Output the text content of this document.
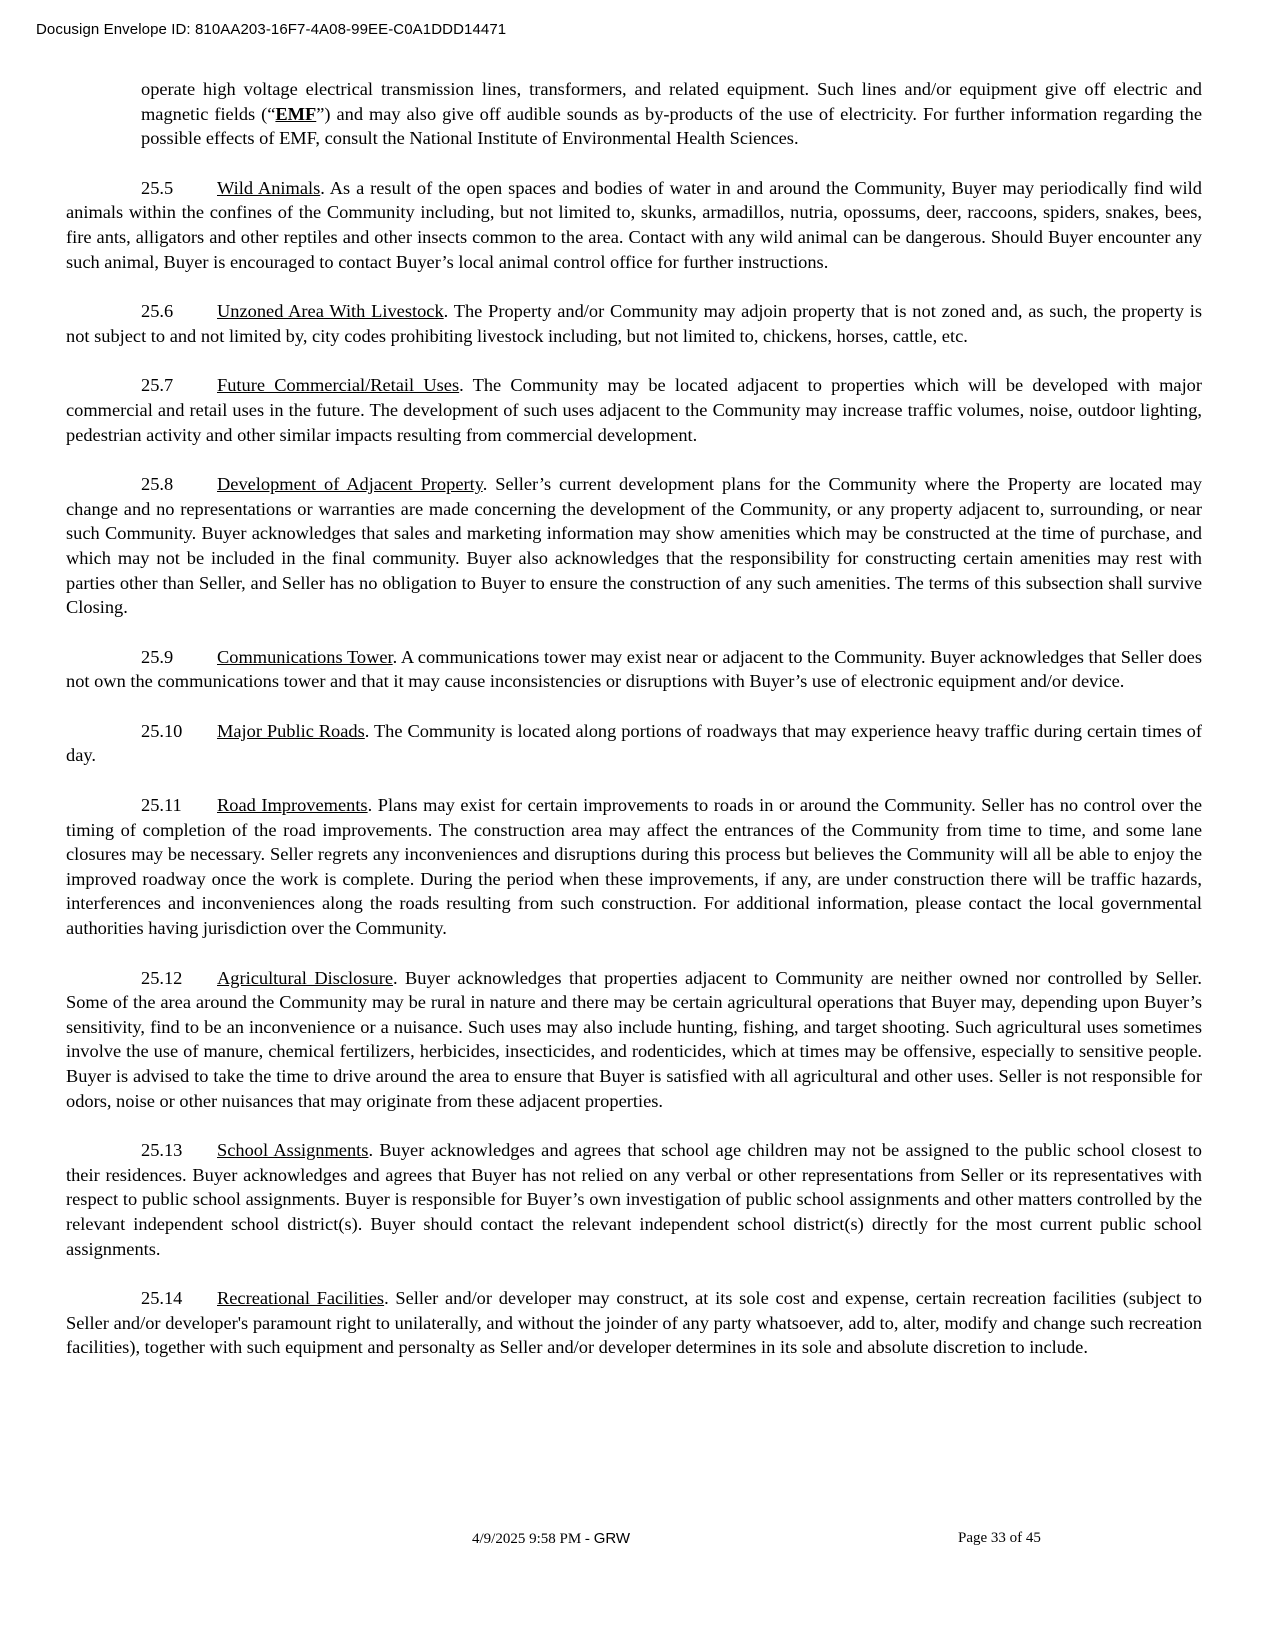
Docusign Envelope ID: 810AA203-16F7-4A08-99EE-C0A1DDD14471

operate high voltage electrical transmission lines, transformers, and related equipment. Such lines and/or equipment give off electric and magnetic fields (“EMF”) and may also give off audible sounds as by-products of the use of electricity. For further information regarding the possible effects of EMF, consult the National Institute of Environmental Health Sciences.

25.5 Wild Animals. As a result of the open spaces and bodies of water in and around the Community, Buyer may periodically find wild animals within the confines of the Community including, but not limited to, skunks, armadillos, nutria, opossums, deer, raccoons, spiders, snakes, bees, fire ants, alligators and other reptiles and other insects common to the area. Contact with any wild animal can be dangerous. Should Buyer encounter any such animal, Buyer is encouraged to contact Buyer’s local animal control office for further instructions.

25.6 Unzoned Area With Livestock. The Property and/or Community may adjoin property that is not zoned and, as such, the property is not subject to and not limited by, city codes prohibiting livestock including, but not limited to, chickens, horses, cattle, etc.

25.7 Future Commercial/Retail Uses. The Community may be located adjacent to properties which will be developed with major commercial and retail uses in the future. The development of such uses adjacent to the Community may increase traffic volumes, noise, outdoor lighting, pedestrian activity and other similar impacts resulting from commercial development.

25.8 Development of Adjacent Property. Seller’s current development plans for the Community where the Property are located may change and no representations or warranties are made concerning the development of the Community, or any property adjacent to, surrounding, or near such Community. Buyer acknowledges that sales and marketing information may show amenities which may be constructed at the time of purchase, and which may not be included in the final community. Buyer also acknowledges that the responsibility for constructing certain amenities may rest with parties other than Seller, and Seller has no obligation to Buyer to ensure the construction of any such amenities. The terms of this subsection shall survive Closing.

25.9 Communications Tower. A communications tower may exist near or adjacent to the Community. Buyer acknowledges that Seller does not own the communications tower and that it may cause inconsistencies or disruptions with Buyer’s use of electronic equipment and/or device.

25.10 Major Public Roads. The Community is located along portions of roadways that may experience heavy traffic during certain times of day.

25.11 Road Improvements. Plans may exist for certain improvements to roads in or around the Community. Seller has no control over the timing of completion of the road improvements. The construction area may affect the entrances of the Community from time to time, and some lane closures may be necessary. Seller regrets any inconveniences and disruptions during this process but believes the Community will all be able to enjoy the improved roadway once the work is complete. During the period when these improvements, if any, are under construction there will be traffic hazards, interferences and inconveniences along the roads resulting from such construction. For additional information, please contact the local governmental authorities having jurisdiction over the Community.

25.12 Agricultural Disclosure. Buyer acknowledges that properties adjacent to Community are neither owned nor controlled by Seller. Some of the area around the Community may be rural in nature and there may be certain agricultural operations that Buyer may, depending upon Buyer’s sensitivity, find to be an inconvenience or a nuisance. Such uses may also include hunting, fishing, and target shooting. Such agricultural uses sometimes involve the use of manure, chemical fertilizers, herbicides, insecticides, and rodenticides, which at times may be offensive, especially to sensitive people. Buyer is advised to take the time to drive around the area to ensure that Buyer is satisfied with all agricultural and other uses. Seller is not responsible for odors, noise or other nuisances that may originate from these adjacent properties.

25.13 School Assignments. Buyer acknowledges and agrees that school age children may not be assigned to the public school closest to their residences. Buyer acknowledges and agrees that Buyer has not relied on any verbal or other representations from Seller or its representatives with respect to public school assignments. Buyer is responsible for Buyer’s own investigation of public school assignments and other matters controlled by the relevant independent school district(s). Buyer should contact the relevant independent school district(s) directly for the most current public school assignments.

25.14 Recreational Facilities. Seller and/or developer may construct, at its sole cost and expense, certain recreation facilities (subject to Seller and/or developer's paramount right to unilaterally, and without the joinder of any party whatsoever, add to, alter, modify and change such recreation facilities), together with such equipment and personalty as Seller and/or developer determines in its sole and absolute discretion to include.

4/9/2025 9:58 PM - GRW	Page 33 of 45
